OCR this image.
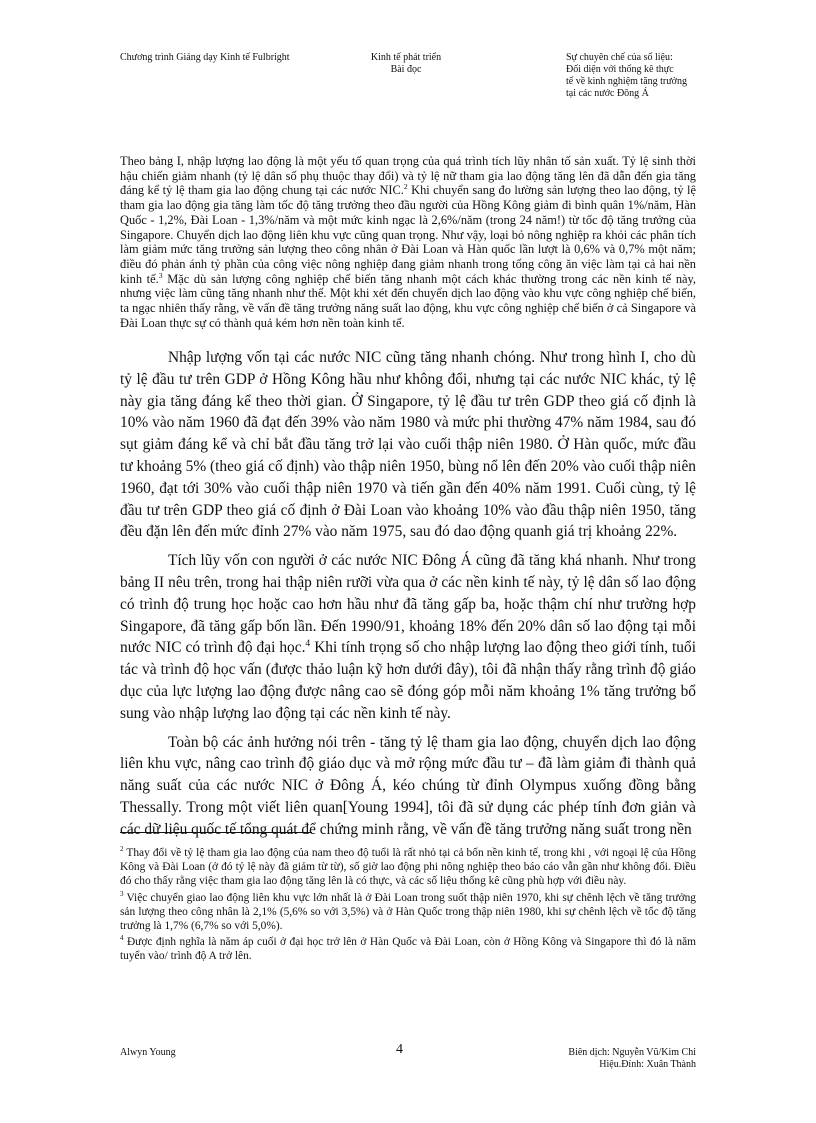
Chương trình Giảng dạy Kinh tế Fulbright	Kinh tế phát triển
Bài đọc
Sự chuyên chế của số liệu:
Đối diện với thống kê thực
tế về kinh nghiệm tăng trưởng
tại các nước Đông Á

Theo bảng I, nhập lượng lao động là một yếu tố quan trọng của quá trình tích lũy nhân tố sản xuất. Tỷ lệ sinh thời hậu chiến giảm nhanh (tỷ lệ dân số phụ thuộc thay đổi) và tỷ lệ nữ tham gia lao động tăng lên đã dẫn đến gia tăng đáng kể tỷ lệ tham gia lao động chung tại các nước NIC.$^2$ Khi chuyển sang đo lường sản lượng theo lao động, tỷ lệ tham gia lao động gia tăng làm tốc độ tăng trưởng theo đầu người của Hồng Kông giảm đi bình quân 1%/năm, Hàn Quốc - 1,2%, Đài Loan - 1,3%/năm và một mức kinh ngạc là 2,6%/năm (trong 24 năm!) từ tốc độ tăng trưởng của Singapore. Chuyển dịch lao động liên khu vực cũng quan trọng. Như vậy, loại bỏ nông nghiệp ra khỏi các phân tích làm giảm mức tăng trưởng sản lượng theo công nhân ở Đài Loan và Hàn quốc lần lượt là 0,6% và 0,7% một năm; điều đó phản ánh tỷ phần của công việc nông nghiệp đang giảm nhanh trong tổng công ăn việc làm tại cả hai nền kinh tế.$^3$ Mặc dù sản lượng công nghiệp chế biến tăng nhanh một cách khác thường trong các nền kinh tế này, nhưng việc làm cũng tăng nhanh như thế. Một khi xét đến chuyển dịch lao động vào khu vực công nghiệp chế biến, ta ngạc nhiên thấy rằng, về vấn đề tăng trưởng năng suất lao động, khu vực công nghiệp chế biến ở cả Singapore và Đài Loan thực sự có thành quả kém hơn nền toàn kinh tế.

Nhập lượng vốn tại các nước NIC cũng tăng nhanh chóng. Như trong hình I, cho dù tỷ lệ đầu tư trên GDP ở Hồng Kông hầu như không đổi, nhưng tại các nước NIC khác, tỷ lệ này gia tăng đáng kể theo thời gian. Ở Singapore, tỷ lệ đầu tư trên GDP theo giá cố định là 10% vào năm 1960 đã đạt đến 39% vào năm 1980 và mức phi thường 47% năm 1984, sau đó sụt giảm đáng kể và chỉ bắt đầu tăng trở lại vào cuối thập niên 1980. Ở Hàn quốc, mức đầu tư khoảng 5% (theo giá cố định) vào thập niên 1950, bùng nổ lên đến 20% vào cuối thập niên 1960, đạt tới 30% vào cuối thập niên 1970 và tiến gần đến 40% năm 1991. Cuối cùng, tỷ lệ đầu tư trên GDP theo giá cố định ở Đài Loan vào khoảng 10% vào đầu thập niên 1950, tăng đều đặn lên đến mức đỉnh 27% vào năm 1975, sau đó dao động quanh giá trị khoảng 22%.

Tích lũy vốn con người ở các nước NIC Đông Á cũng đã tăng khá nhanh. Như trong bảng II nêu trên, trong hai thập niên rưỡi vừa qua ở các nền kinh tế này, tỷ lệ dân số lao động có trình độ trung học hoặc cao hơn hầu như đã tăng gấp ba, hoặc thậm chí như trường hợp Singapore, đã tăng gấp bốn lần. Đến 1990/91, khoảng 18% đến 20% dân số lao động tại mỗi nước NIC có trình độ đại học.$^4$ Khi tính trọng số cho nhập lượng lao động theo giới tính, tuổi tác và trình độ học vấn (được thảo luận kỹ hơn dưới đây), tôi đã nhận thấy rằng trình độ giáo dục của lực lượng lao động được nâng cao sẽ đóng góp mỗi năm khoảng 1% tăng trưởng bổ sung vào nhập lượng lao động tại các nền kinh tế này.

Toàn bộ các ảnh hưởng nói trên - tăng tỷ lệ tham gia lao động, chuyển dịch lao động liên khu vực, nâng cao trình độ giáo dục và mở rộng mức đầu tư – đã làm giảm đi thành quả năng suất của các nước NIC ở Đông Á, kéo chúng từ đỉnh Olympus xuống đồng bằng Thessally. Trong một viết liên quan[Young 1994], tôi đã sử dụng các phép tính đơn giản và các dữ liệu quốc tế tổng quát để chứng minh rằng, về vấn đề tăng trưởng năng suất trong nền

$^2$ Thay đổi về tỷ lệ tham gia lao động của nam theo độ tuổi là rất nhỏ tại cả bốn nền kinh tế, trong khi , với ngoại lệ của Hồng Kông và Đài Loan (ở đó tỷ lệ này đã giảm từ từ), số giờ lao động phi nông nghiệp theo báo cáo vẫn gần như không đổi. Điều đó cho thấy rằng việc tham gia lao động tăng lên là có thực, và các số liệu thống kê cũng phù hợp với điều này.

$^3$ Việc chuyển giao lao động liên khu vực lớn nhất là ở Đài Loan trong suốt thập niên 1970, khi sự chênh lệch về tăng trưởng sản lượng theo công nhân là 2,1% (5,6% so với 3,5%) và ở Hàn Quốc trong thập niên 1980, khi sự chênh lệch về tốc độ tăng trưởng là 1,7% (6,7% so với 5,0%).

$^4$ Được định nghĩa là năm áp cuối ở đại học trở lên ở Hàn Quốc và Đài Loan, còn ở Hồng Kông và Singapore thì đó là năm tuyển vào/ trình độ A trở lên.

Alwyn Young	4	Biên dịch: Nguyễn Vũ/Kim Chi
Hiệu.Đính: Xuân Thành
